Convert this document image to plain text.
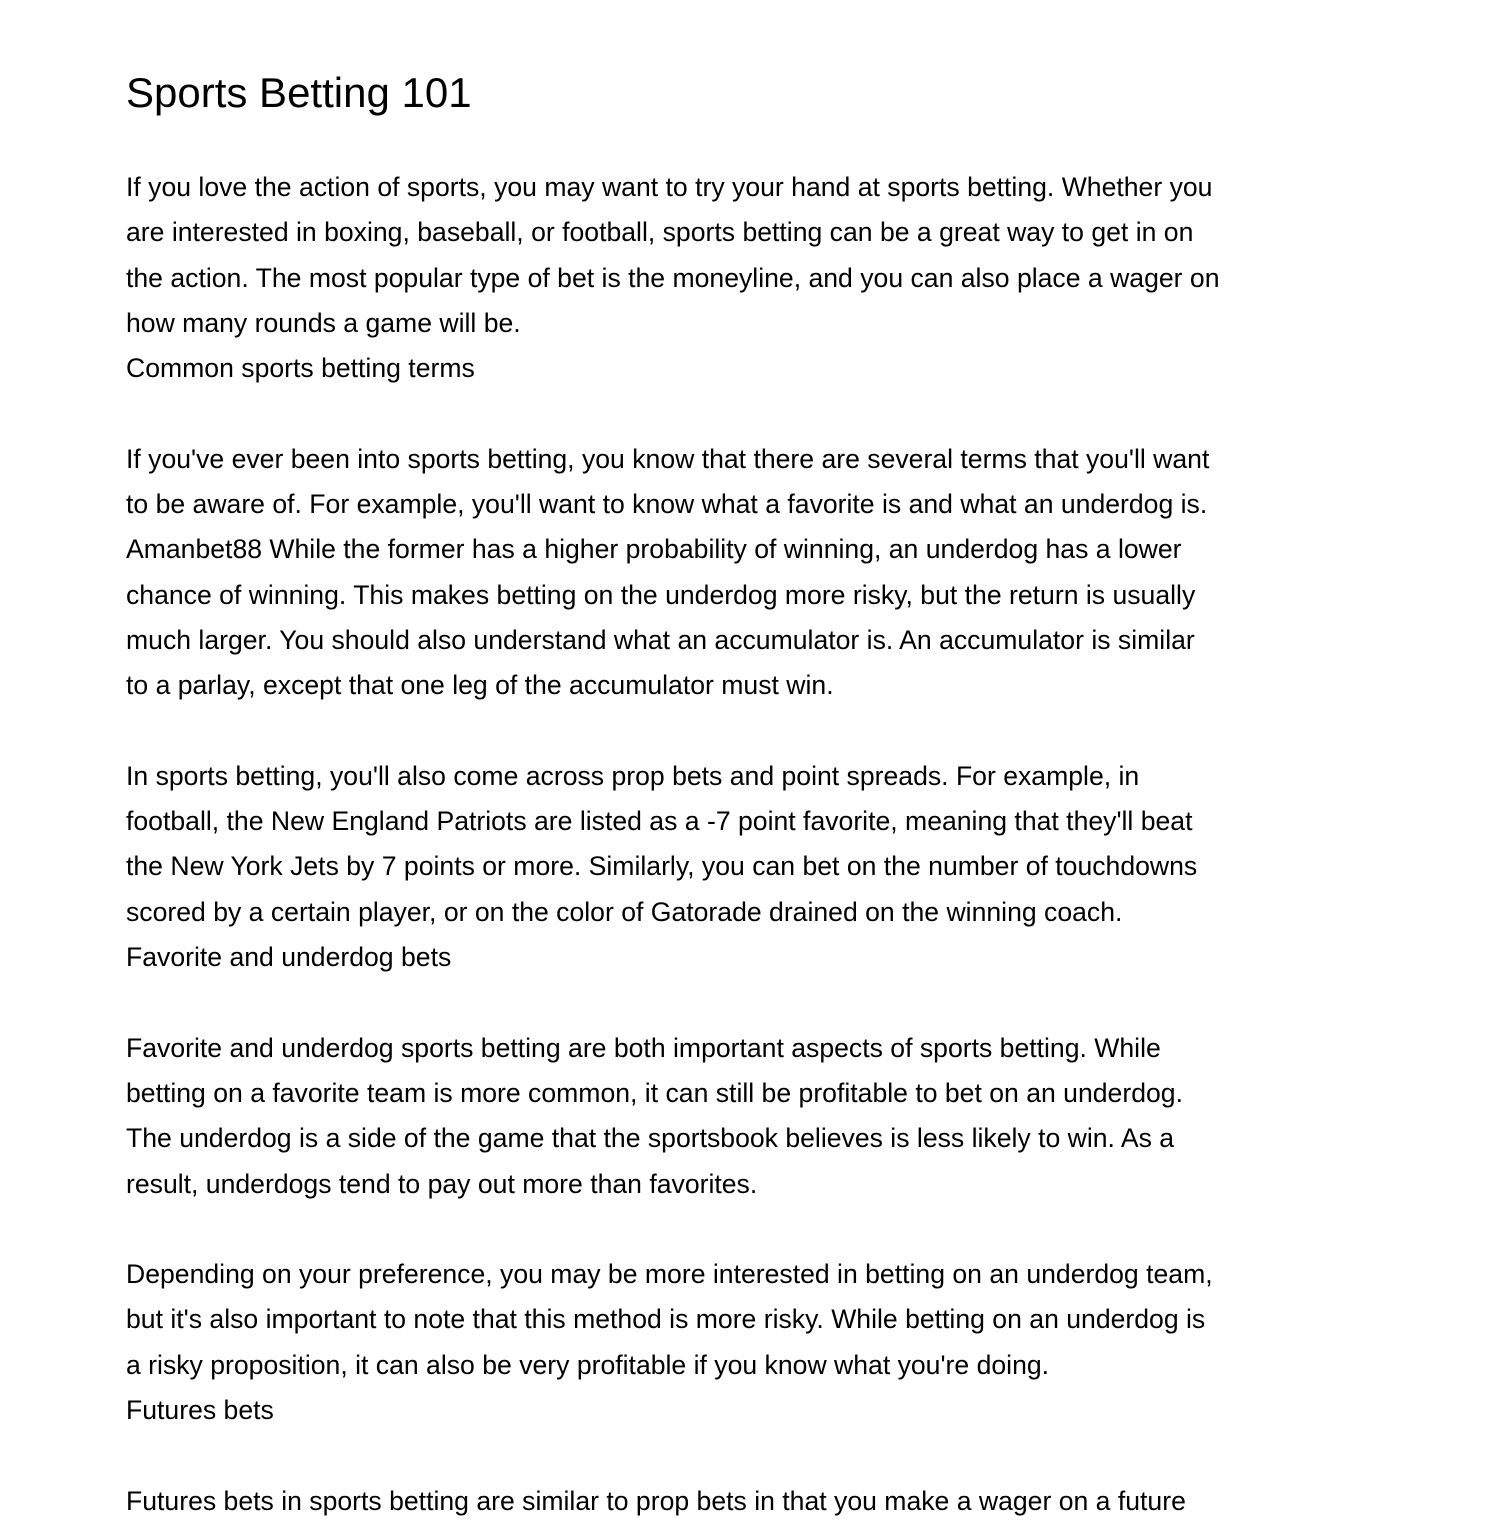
Sports Betting 101
If you love the action of sports, you may want to try your hand at sports betting. Whether you
are interested in boxing, baseball, or football, sports betting can be a great way to get in on
the action. The most popular type of bet is the moneyline, and you can also place a wager on
how many rounds a game will be.
Common sports betting terms
If you've ever been into sports betting, you know that there are several terms that you'll want
to be aware of. For example, you'll want to know what a favorite is and what an underdog is.
Amanbet88 While the former has a higher probability of winning, an underdog has a lower
chance of winning. This makes betting on the underdog more risky, but the return is usually
much larger. You should also understand what an accumulator is. An accumulator is similar
to a parlay, except that one leg of the accumulator must win.
In sports betting, you'll also come across prop bets and point spreads. For example, in
football, the New England Patriots are listed as a -7 point favorite, meaning that they'll beat
the New York Jets by 7 points or more. Similarly, you can bet on the number of touchdowns
scored by a certain player, or on the color of Gatorade drained on the winning coach.
Favorite and underdog bets
Favorite and underdog sports betting are both important aspects of sports betting. While
betting on a favorite team is more common, it can still be profitable to bet on an underdog.
The underdog is a side of the game that the sportsbook believes is less likely to win. As a
result, underdogs tend to pay out more than favorites.
Depending on your preference, you may be more interested in betting on an underdog team,
but it's also important to note that this method is more risky. While betting on an underdog is
a risky proposition, it can also be very profitable if you know what you're doing.
Futures bets
Futures bets in sports betting are similar to prop bets in that you make a wager on a future
